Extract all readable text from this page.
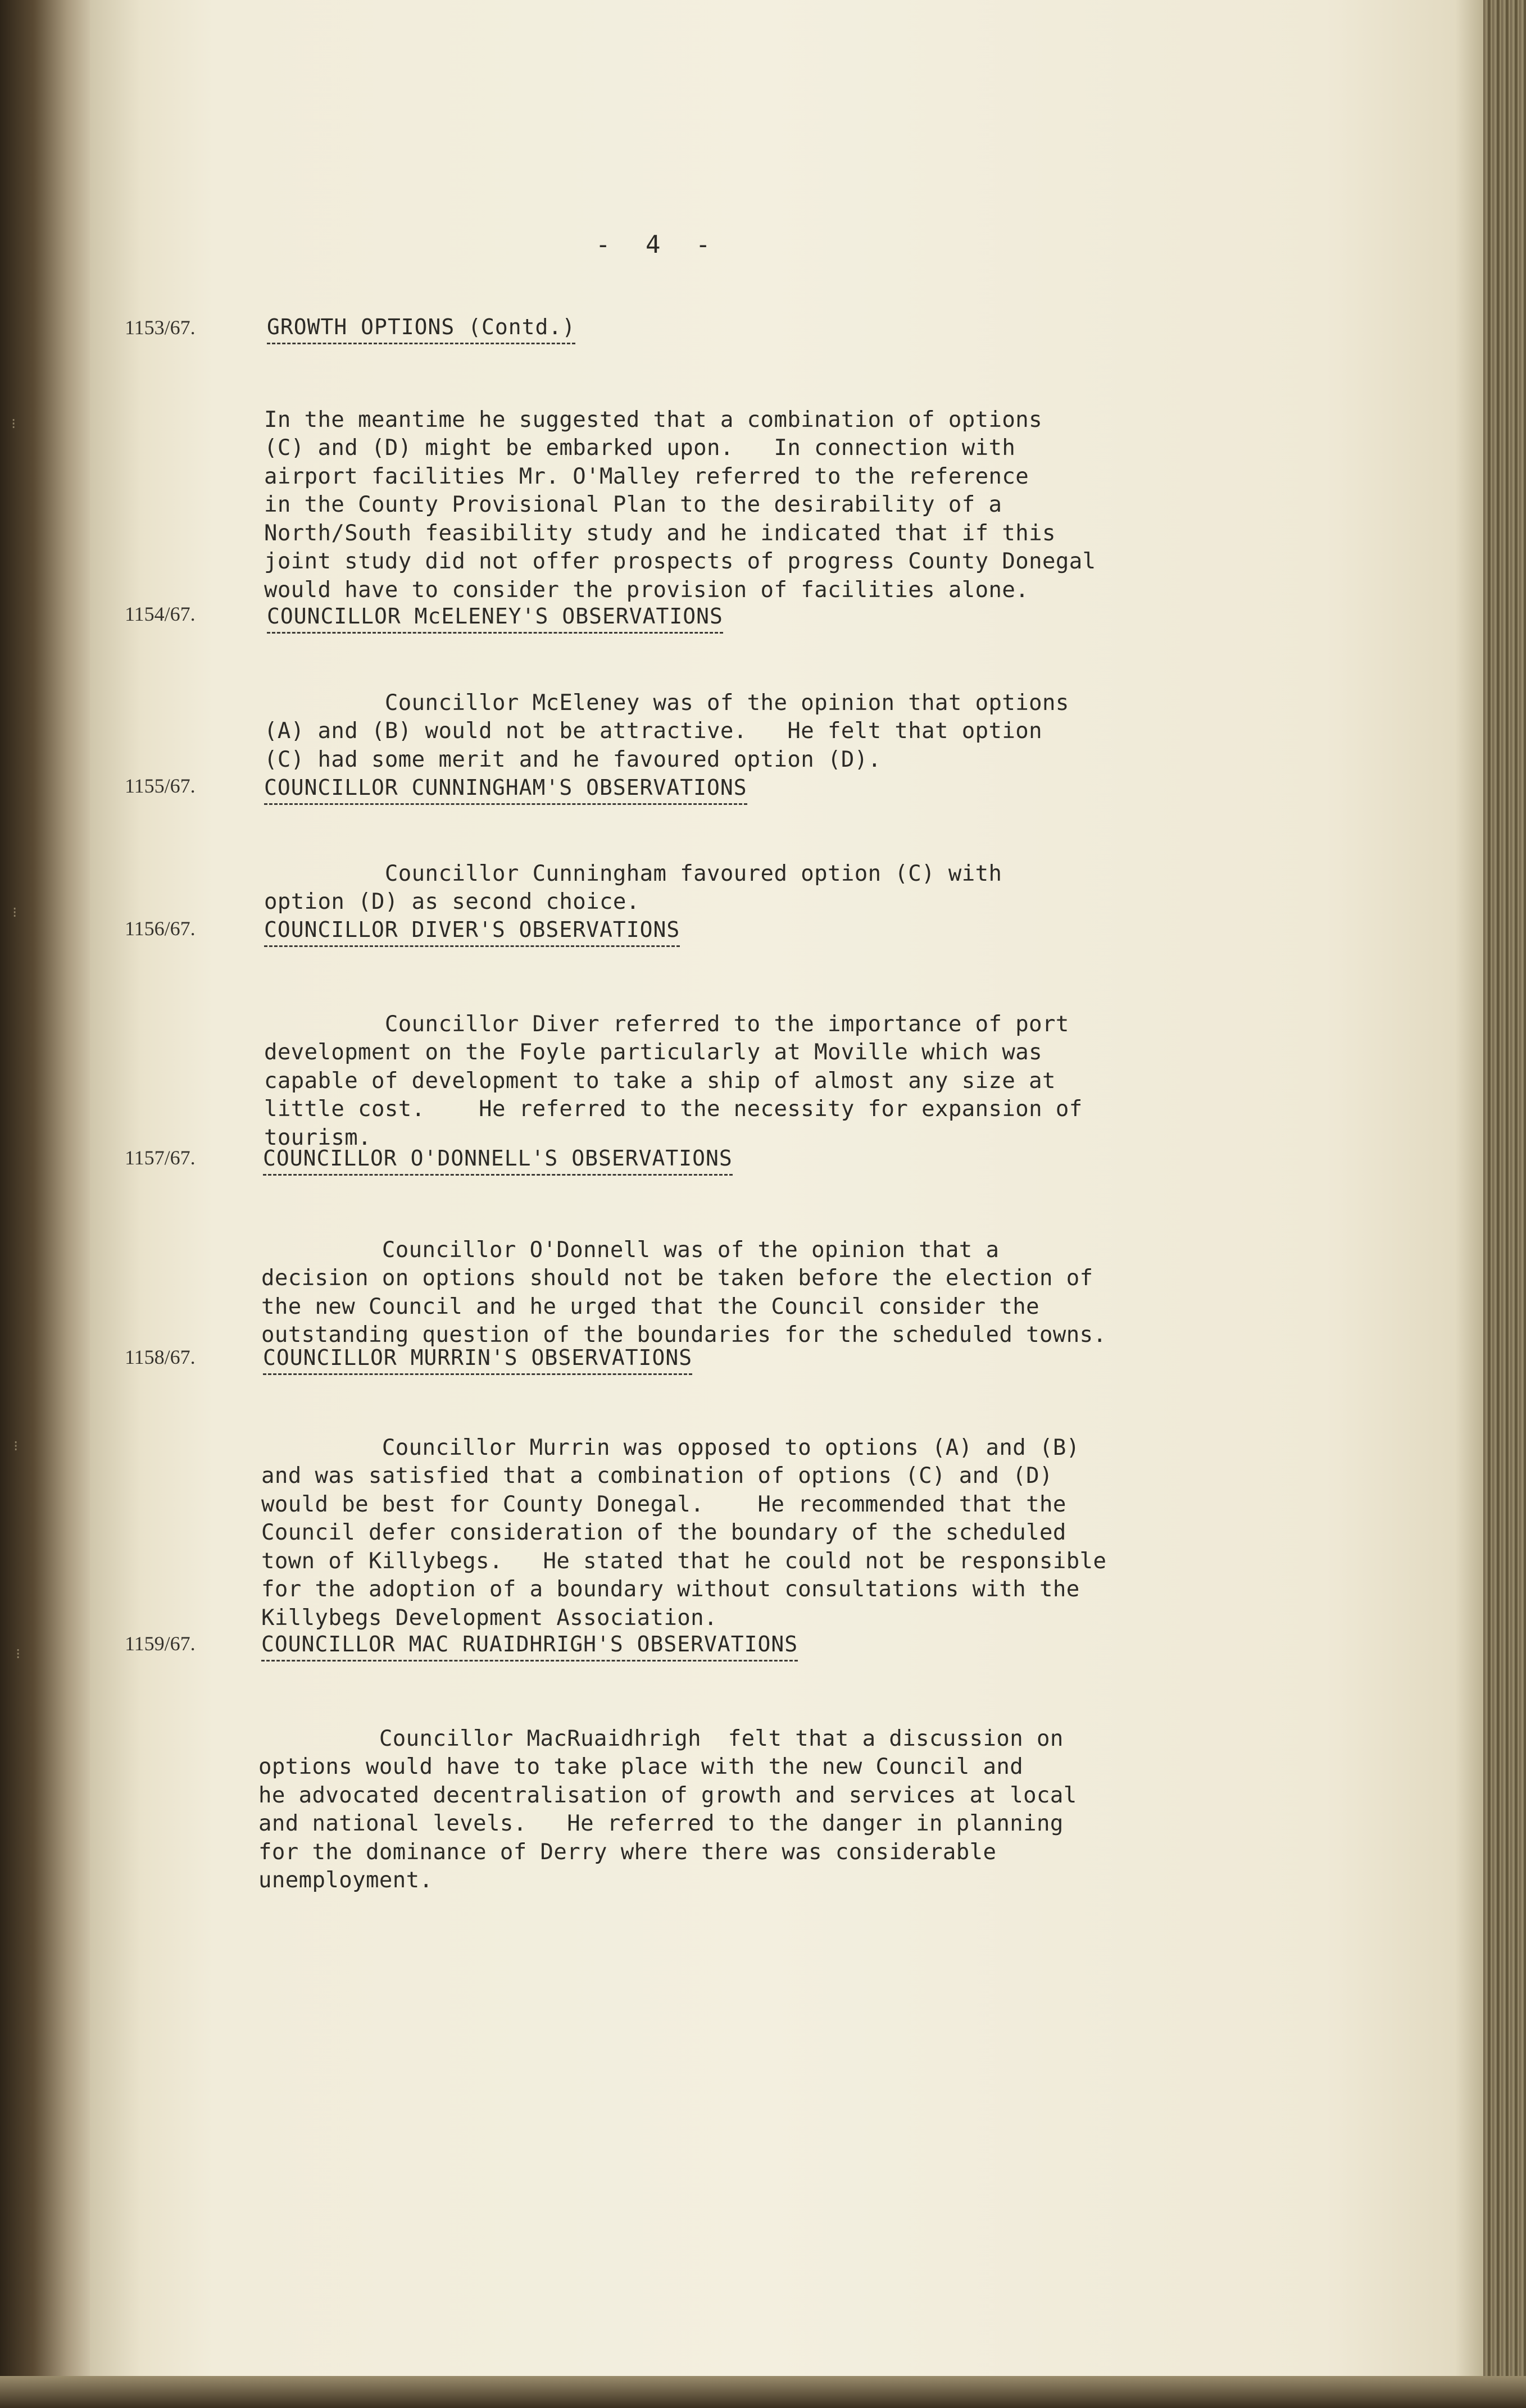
⁝
⁝
⁝
⁝
- 4 -
1153/67.	GROWTH OPTIONS (Contd.)

In the meantime he suggested that a combination of options
(C) and (D) might be embarked upon.   In connection with
airport facilities Mr. O'Malley referred to the reference
in the County Provisional Plan to the desirability of a
North/South feasibility study and he indicated that if this
joint study did not offer prospects of progress County Donegal
would have to consider the provision of facilities alone.

1154/67.	COUNCILLOR McELENEY'S OBSERVATIONS

Councillor McEleney was of the opinion that options
(A) and (B) would not be attractive.   He felt that option
(C) had some merit and he favoured option (D).

1155/67.	COUNCILLOR CUNNINGHAM'S OBSERVATIONS

Councillor Cunningham favoured option (C) with
option (D) as second choice.

1156/67.	COUNCILLOR DIVER'S OBSERVATIONS

Councillor Diver referred to the importance of port
development on the Foyle particularly at Moville which was
capable of development to take a ship of almost any size at
little cost.    He referred to the necessity for expansion of
tourism.

1157/67.	COUNCILLOR O'DONNELL'S OBSERVATIONS

Councillor O'Donnell was of the opinion that a
decision on options should not be taken before the election of
the new Council and he urged that the Council consider the
outstanding question of the boundaries for the scheduled towns.

1158/67.	COUNCILLOR MURRIN'S OBSERVATIONS

Councillor Murrin was opposed to options (A) and (B)
and was satisfied that a combination of options (C) and (D)
would be best for County Donegal.    He recommended that the
Council defer consideration of the boundary of the scheduled
town of Killybegs.   He stated that he could not be responsible
for the adoption of a boundary without consultations with the
Killybegs Development Association.

1159/67.	COUNCILLOR MAC RUAIDHRIGH'S OBSERVATIONS

Councillor MacRuaidhrigh  felt that a discussion on
options would have to take place with the new Council and
he advocated decentralisation of growth and services at local
and national levels.   He referred to the danger in planning
for the dominance of Derry where there was considerable
unemployment.
